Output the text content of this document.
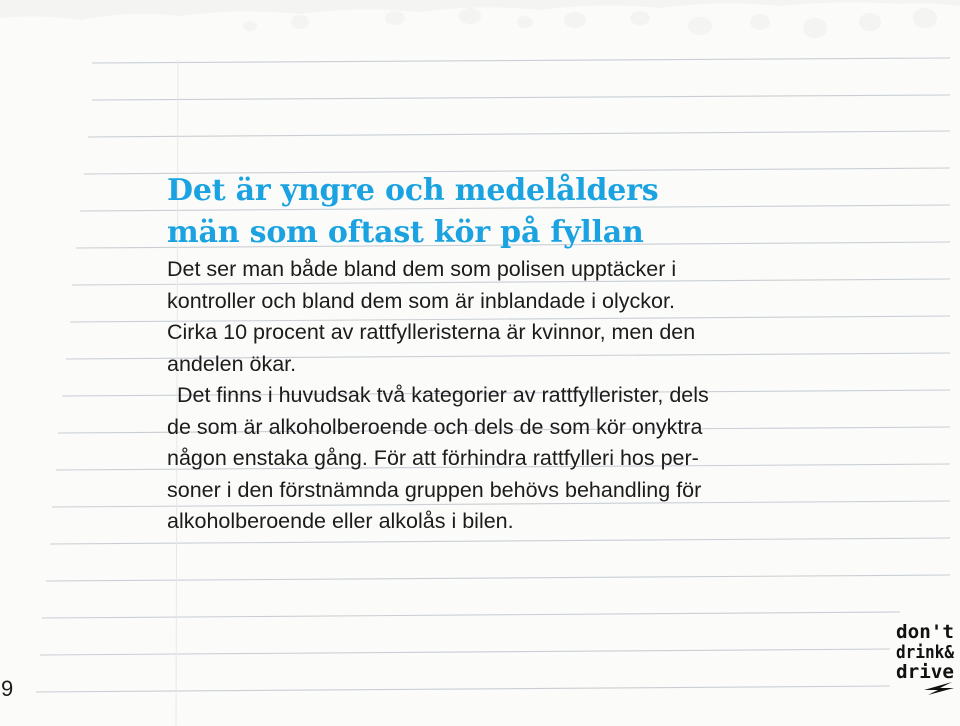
Det är yngre och medelålders
män som oftast kör på fyllan

Det ser man både bland dem som polisen upptäcker i
kontroller och bland dem som är inblandade i olyckor.
Cirka 10 procent av rattfylleristerna är kvinnor, men den
andelen ökar.

Det finns i huvudsak två kategorier av rattfyllerister, dels
de som är alkoholberoende och dels de som kör onyktra
någon enstaka gång. För att förhindra rattfylleri hos per-
soner i den förstnämnda gruppen behövs behandling för
alkoholberoende eller alkolås i bilen.

9
don't
drink&
drive
